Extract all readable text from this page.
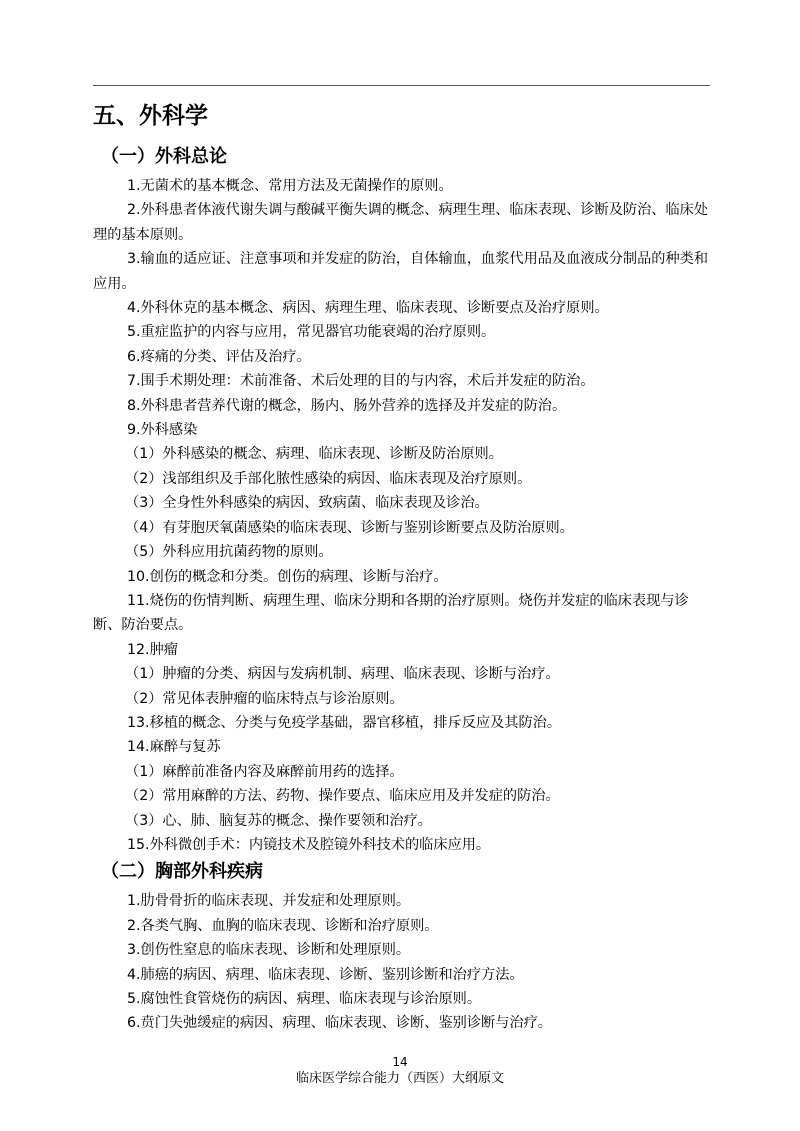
五、外科学
（一）外科总论

1.无菌术的基本概念、常用方法及无菌操作的原则。

2.外科患者体液代谢失调与酸碱平衡失调的概念、病理生理、临床表现、诊断及防治、临床处理的基本原则。

3.输血的适应证、注意事项和并发症的防治，自体输血，血浆代用品及血液成分制品的种类和应用。

4.外科休克的基本概念、病因、病理生理、临床表现、诊断要点及治疗原则。

5.重症监护的内容与应用，常见器官功能衰竭的治疗原则。

6.疼痛的分类、评估及治疗。

7.围手术期处理：术前准备、术后处理的目的与内容，术后并发症的防治。

8.外科患者营养代谢的概念，肠内、肠外营养的选择及并发症的防治。

9.外科感染

（1）外科感染的概念、病理、临床表现、诊断及防治原则。

（2）浅部组织及手部化脓性感染的病因、临床表现及治疗原则。

（3）全身性外科感染的病因、致病菌、临床表现及诊治。

（4）有芽胞厌氧菌感染的临床表现、诊断与鉴别诊断要点及防治原则。

（5）外科应用抗菌药物的原则。

10.创伤的概念和分类。创伤的病理、诊断与治疗。

11.烧伤的伤情判断、病理生理、临床分期和各期的治疗原则。烧伤并发症的临床表现与诊断、防治要点。

12.肿瘤

（1）肿瘤的分类、病因与发病机制、病理、临床表现、诊断与治疗。

（2）常见体表肿瘤的临床特点与诊治原则。

13.移植的概念、分类与免疫学基础，器官移植，排斥反应及其防治。

14.麻醉与复苏

（1）麻醉前准备内容及麻醉前用药的选择。

（2）常用麻醉的方法、药物、操作要点、临床应用及并发症的防治。

（3）心、肺、脑复苏的概念、操作要领和治疗。

15.外科微创手术：内镜技术及腔镜外科技术的临床应用。

（二）胸部外科疾病

1.肋骨骨折的临床表现、并发症和处理原则。

2.各类气胸、血胸的临床表现、诊断和治疗原则。

3.创伤性窒息的临床表现、诊断和处理原则。

4.肺癌的病因、病理、临床表现、诊断、鉴别诊断和治疗方法。

5.腐蚀性食管烧伤的病因、病理、临床表现与诊治原则。

6.贲门失弛缓症的病因、病理、临床表现、诊断、鉴别诊断与治疗。

14
临床医学综合能力（西医）大纲原文
